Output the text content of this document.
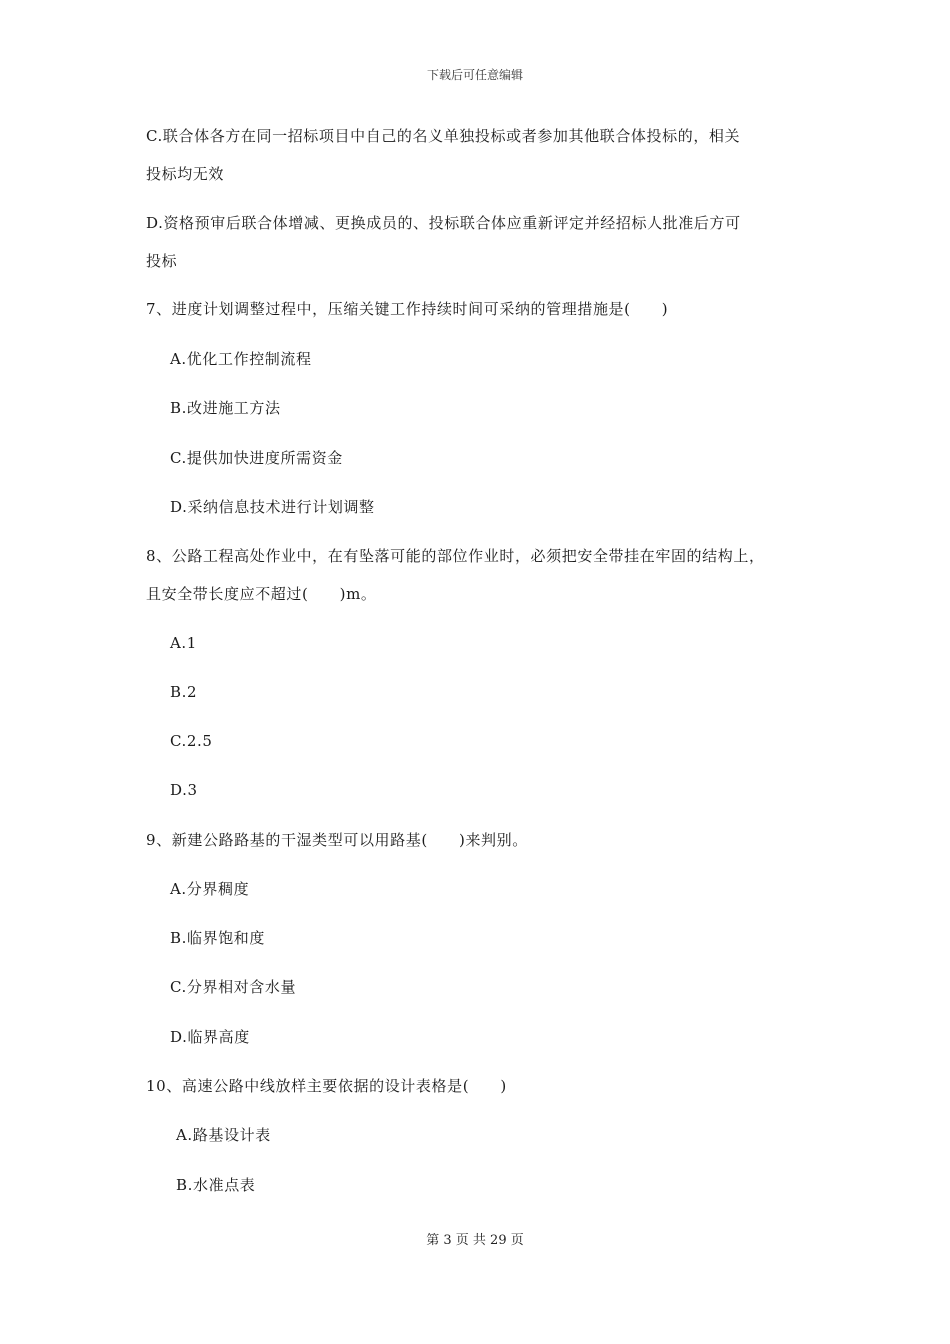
下载后可任意编辑
C.联合体各方在同一招标项目中自己的名义单独投标或者参加其他联合体投标的，相关
投标均无效
D.资格预审后联合体增减、更换成员的、投标联合体应重新评定并经招标人批准后方可
投标
7、进度计划调整过程中，压缩关键工作持续时间可采纳的管理措施是(　　)
A.优化工作控制流程
B.改进施工方法
C.提供加快进度所需资金
D.采纳信息技术进行计划调整
8、公路工程高处作业中，在有坠落可能的部位作业时，必须把安全带挂在牢固的结构上，
且安全带长度应不超过(　　)m。
A.1
B.2
C.2.5
D.3
9、新建公路路基的干湿类型可以用路基(　　)来判别。
A.分界稠度
B.临界饱和度
C.分界相对含水量
D.临界高度
10、高速公路中线放样主要依据的设计表格是(　　)
A.路基设计表
B.水准点表
第 3 页 共 29 页
